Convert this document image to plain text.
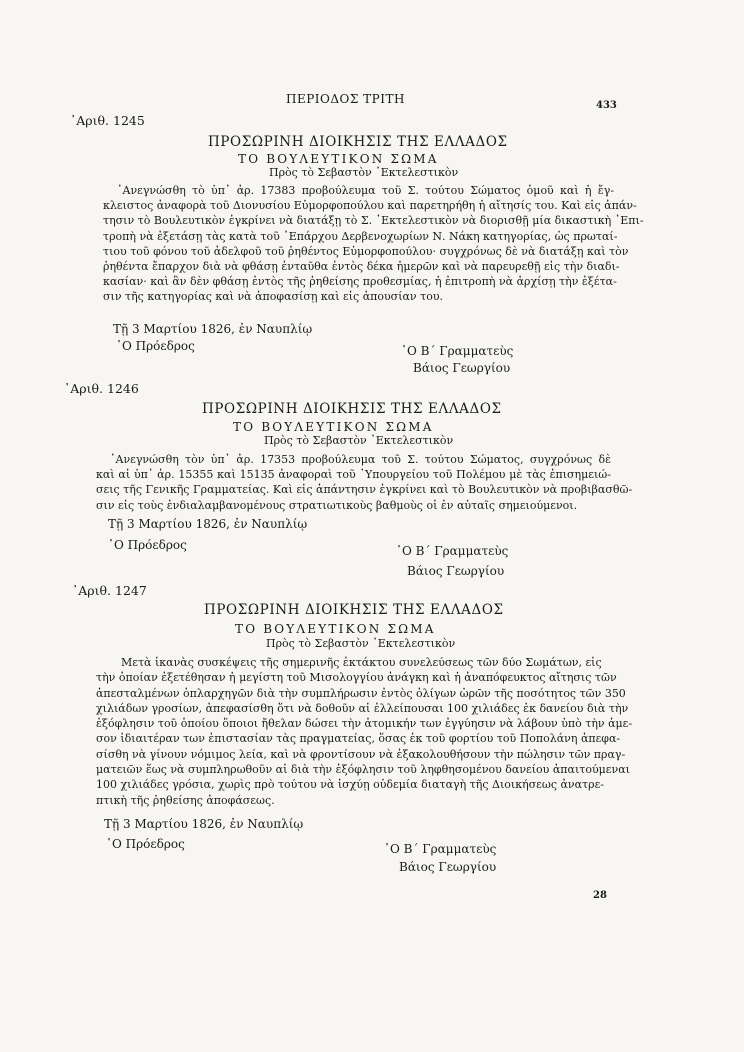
ΠΕΡΙΟΔΟΣ ΤΡΙΤΗ	433
᾿Αριθ. 1245
ΠΡΟΣΩΡΙΝΗ ΔΙΟΙΚΗΣΙΣ ΤΗΣ ΕΛΛΑΔΟΣ
ΤΟ ΒΟΥΛΕΥΤΙΚΟΝ ΣΩΜΑ
Πρὸς τὸ Σεβαστὸν ᾿Εκτελεστικὸν
᾿Ανεγνώσθη τὸ ὑπ᾿ ἀρ. 17383 προβούλευμα τοῦ Σ. τούτου Σώματος ὁμοῦ καὶ ἡ ἔγ-
κλειστος ἀναφορὰ τοῦ Διονυσίου Εὐμορφοπούλου καὶ παρετηρήθη ἡ αἴτησίς του. Καὶ εἰς ἀπάν-
τησιν τὸ Βουλευτικὸν ἐγκρίνει νὰ διατάξῃ τὸ Σ. ᾿Εκτελεστικὸν νὰ διορισθῇ μία δικαστικὴ ᾿Επι-
τροπὴ νὰ ἐξετάσῃ τὰς κατὰ τοῦ ᾿Επάρχου Δερβενοχωρίων Ν. Νάκη κατηγορίας, ὡς πρωταί-
τιου τοῦ φόνου τοῦ ἀδελφοῦ τοῦ ῥηθέντος Εὐμορφοπούλου· συγχρόνως δὲ νὰ διατάξῃ καὶ τὸν
ῥηθέντα ἔπαρχον διὰ νὰ φθάσῃ ἐνταῦθα ἐντὸς δέκα ἡμερῶν καὶ νὰ παρευρεθῇ εἰς τὴν διαδι-
κασίαν· καὶ ἂν δὲν φθάσῃ ἐντὸς τῆς ῥηθείσης προθεσμίας, ἡ ἐπιτροπὴ νὰ ἀρχίσῃ τὴν ἐξέτα-
σιν τῆς κατηγορίας καὶ νὰ ἀποφασίσῃ καὶ εἰς ἀπουσίαν του.
Τῇ 3 Μαρτίου 1826, ἐν Ναυπλίῳ
῾Ο Πρόεδρος	῾Ο Β΄ Γραμματεὺς
Βάιος Γεωργίου
᾿Αριθ. 1246
ΠΡΟΣΩΡΙΝΗ ΔΙΟΙΚΗΣΙΣ ΤΗΣ ΕΛΛΑΔΟΣ
ΤΟ ΒΟΥΛΕΥΤΙΚΟΝ ΣΩΜΑ
Πρὸς τὸ Σεβαστὸν ᾿Εκτελεστικὸν
᾿Ανεγνώσθη τὸν ὑπ᾿ ἀρ. 17353 προβούλευμα τοῦ Σ. τούτου Σώματος, συγχρόνως δὲ
καὶ αἱ ὑπ᾿ ἀρ. 15355 καὶ 15135 ἀναφοραὶ τοῦ ῾Υπουργείου τοῦ Πολέμου μὲ τὰς ἐπισημειώ-
σεις τῆς Γενικῆς Γραμματείας. Καὶ εἰς ἀπάντησιν ἐγκρίνει καὶ τὸ Βουλευτικὸν νὰ προβιβασθῶ-
σιν εἰς τοὺς ἐνδιαλαμβανομένους στρατιωτικοὺς βαθμοὺς οἱ ἐν αὐταῖς σημειούμενοι.
Τῇ 3 Μαρτίου 1826, ἐν Ναυπλίῳ
῾Ο Πρόεδρος	῾Ο Β΄ Γραμματεὺς
Βάιος Γεωργίου
᾿Αριθ. 1247
ΠΡΟΣΩΡΙΝΗ ΔΙΟΙΚΗΣΙΣ ΤΗΣ ΕΛΛΑΔΟΣ
ΤΟ ΒΟΥΛΕΥΤΙΚΟΝ ΣΩΜΑ
Πρὸς τὸ Σεβαστὸν ᾿Εκτελεστικὸν
Μετὰ ἱκανὰς συσκέψεις τῆς σημερινῆς ἐκτάκτου συνελεύσεως τῶν δύο Σωμάτων, εἰς
τὴν ὁποίαν ἐξετέθησαν ἡ μεγίστη τοῦ Μισολογγίου ἀνάγκη καὶ ἡ ἀναπόφευκτος αἴτησις τῶν
ἀπεσταλμένων ὁπλαρχηγῶν διὰ τὴν συμπλήρωσιν ἐντὸς ὀλίγων ὡρῶν τῆς ποσότητος τῶν 350
χιλιάδων γροσίων, ἀπεφασίσθη ὅτι νὰ δοθοῦν αἱ ἐλλείπουσαι 100 χιλιάδες ἐκ δανείου διὰ τὴν
ἐξόφλησιν τοῦ ὁποίου ὅποιοι ἤθελαν δώσει τὴν ἀτομικήν των ἐγγύησιν νὰ λάβουν ὑπὸ τὴν ἀμε-
σον ἰδιαιτέραν των ἐπιστασίαν τὰς πραγματείας, ὅσας ἐκ τοῦ φορτίου τοῦ Ποπολάνη ἀπεφα-
σίσθη νὰ γίνουν νόμιμος λεία, καὶ νὰ φροντίσουν νὰ ἐξακολουθήσουν τὴν πώλησιν τῶν πραγ-
ματειῶν ἕως νὰ συμπληρωθοῦν αἱ διὰ τὴν ἐξόφλησιν τοῦ ληφθησομένου δανείου ἀπαιτούμεναι
100 χιλιάδες γρόσια, χωρὶς πρὸ τούτου νὰ ἰσχύῃ οὐδεμία διαταγὴ τῆς Διοικήσεως ἀνατρε-
πτικὴ τῆς ῥηθείσης ἀποφάσεως.
Τῇ 3 Μαρτίου 1826, ἐν Ναυπλίῳ
῾Ο Πρόεδρος	῾Ο Β΄ Γραμματεὺς
Βάιος Γεωργίου
28
